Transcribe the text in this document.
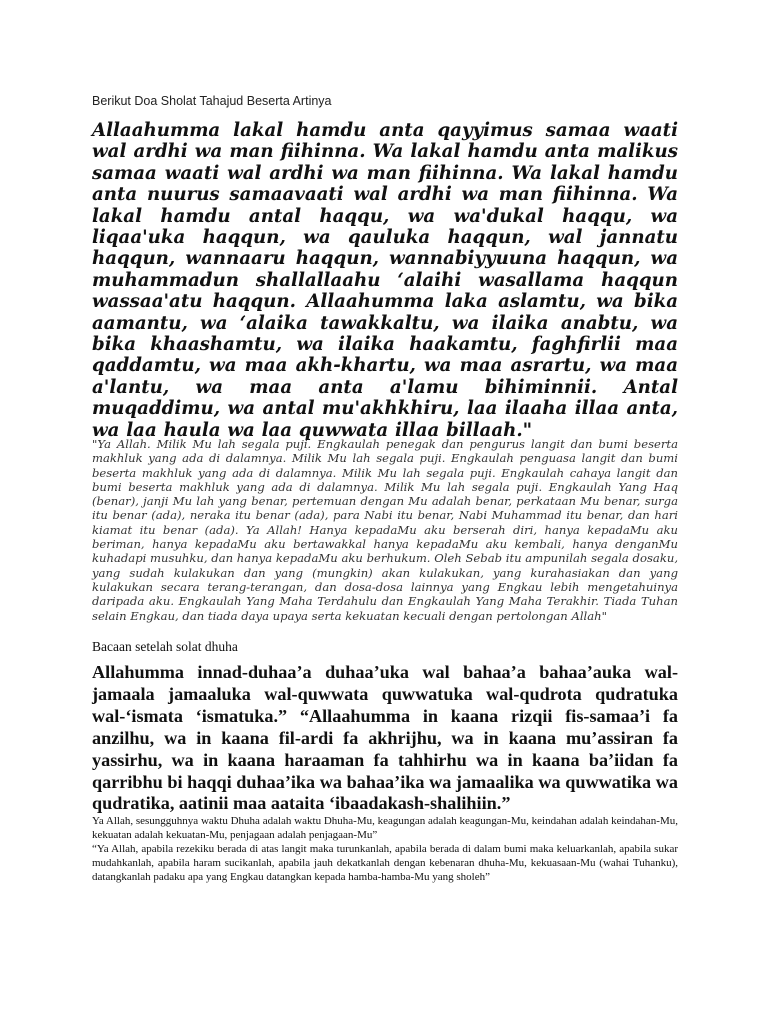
Berikut Doa Sholat Tahajud Beserta Artinya
Allaahumma lakal hamdu anta qayyimus samaa waati wal ardhi wa man fiihinna. Wa lakal hamdu anta malikus samaa waati wal ardhi wa man fiihinna. Wa lakal hamdu anta nuurus samaavaati wal ardhi wa man fiihinna. Wa lakal hamdu antal haqqu, wa wa'dukal haqqu, wa liqaa'uka haqqun, wa qauluka haqqun, wal jannatu haqqun, wannaaru haqqun, wannabiyyuuna haqqun, wa muhammadun shallallaahu ‘alaihi wasallama haqqun wassaa'atu haqqun. Allaahumma laka aslamtu, wa bika aamantu, wa ‘alaika tawakkaltu, wa ilaika anabtu, wa bika khaashamtu, wa ilaika haakamtu, faghfirlii maa qaddamtu, wa maa akh-khartu, wa maa asrartu, wa maa a'lantu, wa maa anta a'lamu bihiminnii. Antal muqaddimu, wa antal mu'akhkhiru, laa ilaaha illaa anta, wa laa haula wa laa quwwata illaa billaah."
"Ya Allah. Milik Mu lah segala puji. Engkaulah penegak dan pengurus langit dan bumi beserta makhluk yang ada di dalamnya. Milik Mu lah segala puji. Engkaulah penguasa langit dan bumi beserta makhluk yang ada di dalamnya. Milik Mu lah segala puji. Engkaulah cahaya langit dan bumi beserta makhluk yang ada di dalamnya. Milik Mu lah segala puji. Engkaulah Yang Haq (benar), janji Mu lah yang benar, pertemuan dengan Mu adalah benar, perkataan Mu benar, surga itu benar (ada), neraka itu benar (ada), para Nabi itu benar, Nabi Muhammad itu benar, dan hari kiamat itu benar (ada). Ya Allah! Hanya kepadaMu aku berserah diri, hanya kepadaMu aku beriman, hanya kepadaMu aku bertawakkal hanya kepadaMu aku kembali, hanya denganMu kuhadapi musuhku, dan hanya kepadaMu aku berhukum. Oleh Sebab itu ampunilah segala dosaku, yang sudah kulakukan dan yang (mungkin) akan kulakukan, yang kurahasiakan dan yang kulakukan secara terang-terangan, dan dosa-dosa lainnya yang Engkau lebih mengetahuinya daripada aku. Engkaulah Yang Maha Terdahulu dan Engkaulah Yang Maha Terakhir. Tiada Tuhan selain Engkau, dan tiada daya upaya serta kekuatan kecuali dengan pertolongan Allah"
Bacaan setelah solat dhuha
Allahumma innad-duhaa’a duhaa’uka wal bahaa’a bahaa’auka wal-jamaala jamaaluka wal-quwwata quwwatuka wal-qudrota qudratuka wal-‘ismata ‘ismatuka.” “Allaahumma in kaana rizqii fis-samaa’i fa anzilhu, wa in kaana fil-ardi fa akhrijhu, wa in kaana mu’assiran fa yassirhu, wa in kaana haraaman fa tahhirhu wa in kaana ba’iidan fa qarribhu bi haqqi duhaa’ika wa bahaa’ika wa jamaalika wa quwwatika wa qudratika, aatinii maa aataita ‘ibaadakash-shalihiin.”

Ya Allah, sesungguhnya waktu Dhuha adalah waktu Dhuha-Mu, keagungan adalah keagungan-Mu, keindahan adalah keindahan-Mu, kekuatan adalah kekuatan-Mu, penjagaan adalah penjagaan-Mu”

“Ya Allah, apabila rezekiku berada di atas langit maka turunkanlah, apabila berada di dalam bumi maka keluarkanlah, apabila sukar mudahkanlah, apabila haram sucikanlah, apabila jauh dekatkanlah dengan kebenaran dhuha-Mu, kekuasaan-Mu (wahai Tuhanku), datangkanlah padaku apa yang Engkau datangkan kepada hamba-hamba-Mu yang sholeh”
